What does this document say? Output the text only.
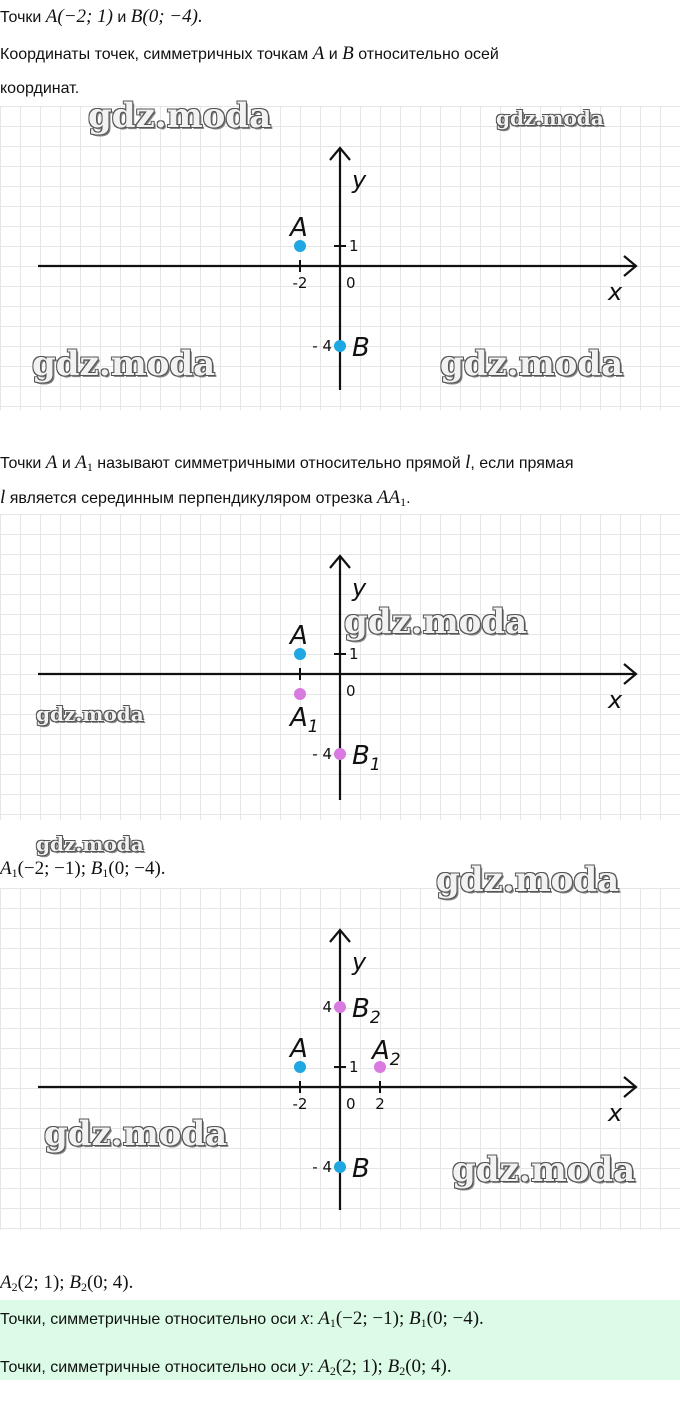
Точки A(−2; 1) и B(0; −4).
Координаты точек, симметричных точкам A и B относительно осей
координат.
x
y
0
-2
1
- 4
A
B
gdz.moda	gdz.moda
gdz.moda	gdz.moda
Точки A и $A_1$ называют симметричными относительно прямой l, если прямая
l является серединным перпендикуляром отрезка $AA_1$.
x
y
0
1
- 4
A
$A_1$
$B_1$
gdz.moda
gdz.moda
gdz.moda
$A_1(-2$; −1); $B_1(0$; −4).
x
y
0
-2	2
1
4
- 4
A $A_2$
$B_2$
B
gdz.moda
gdz.moda
gdz.moda
$A_2(2$; 1); $B_2(0$; 4).
Точки, симметричные относительно оси x: $A_1(-2$; −1); $B_1(0$; −4).
Точки, симметричные относительно оси y: $A_2(2$; 1); $B_2(0$; 4).
